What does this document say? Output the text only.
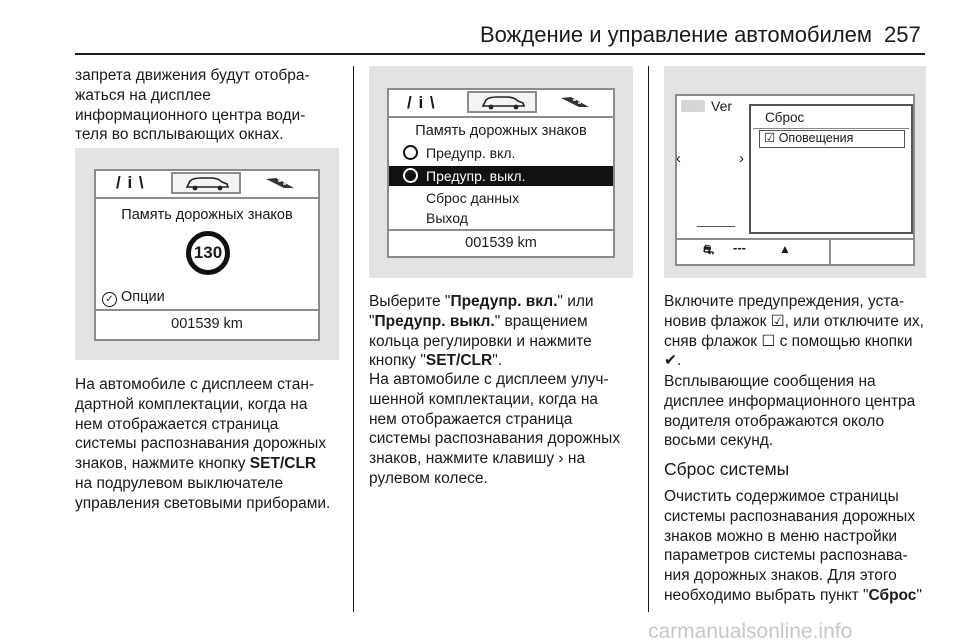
Вождение и управление автомобилем 257
запрета движения будут отобра-
жаться на дисплее
информационного центра води-
теля во всплывающих окнах.
/ i \
Память дорожных знаков
130
✓ Опции
001539 km
На автомобиле с дисплеем стан-
дартной комплектации, когда на
нем отображается страница
системы распознавания дорожных
знаков, нажмите кнопку SET/CLR
на подрулевом выключателе
управления световыми приборами.
/ i \
Память дорожных знаков
Предупр. вкл.
Предупр. выкл.
Сброс данных
Выход
001539 km
Выберите "Предупр. вкл." или
"Предупр. выкл." вращением
кольца регулировки и нажмите
кнопку "SET/CLR".
На автомобиле с дисплеем улуч-
шенной комплектации, когда на
нем отображается страница
системы распознавания дорожных
знаков, нажмите клавишу › на
рулевом колесе.
Ver
‹	›
⛐ ---	▲
Сброс
☑ Оповещения
Включите предупреждения, уста-
новив флажок ☑, или отключите их,
сняв флажок ☐ с помощью кнопки
✔.
Всплывающие сообщения на
дисплее информационного центра
водителя отображаются около
восьми секунд.
Сброс системы
Очистить содержимое страницы
системы распознавания дорожных
знаков можно в меню настройки
параметров системы распознава-
ния дорожных знаков. Для этого
необходимо выбрать пункт "Сброс"
carmanualsonline.info
